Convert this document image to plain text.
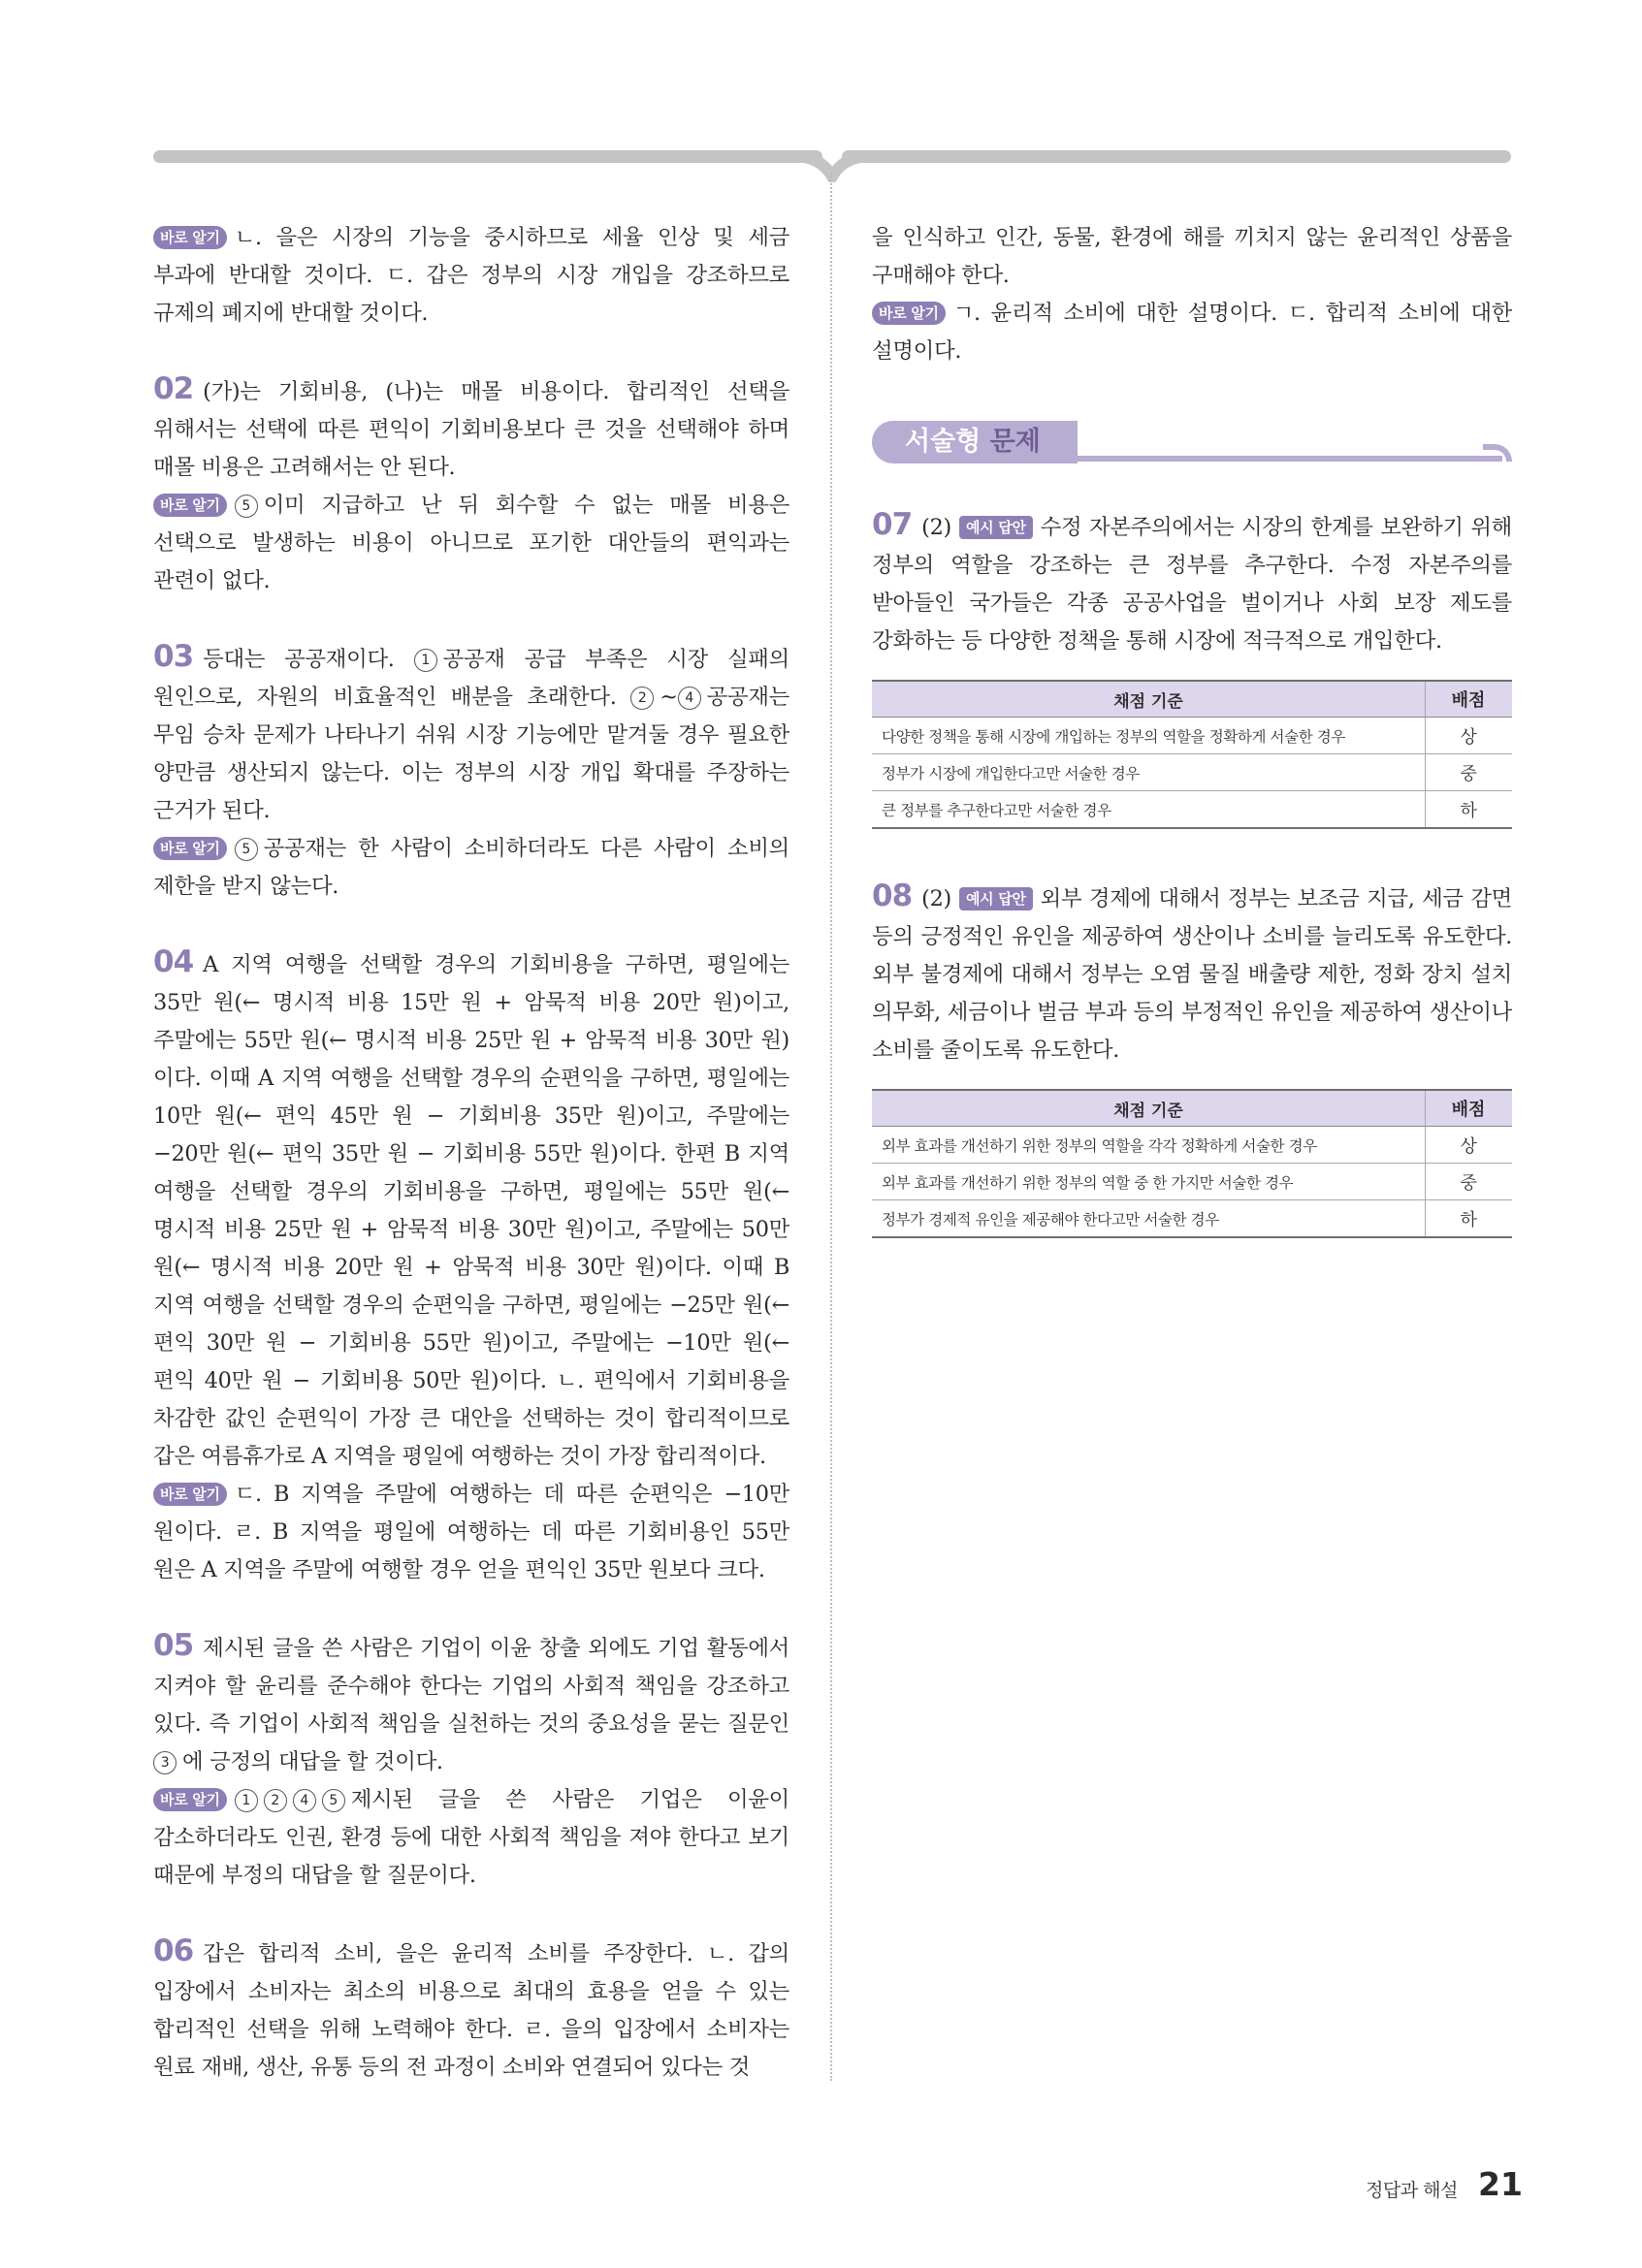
바로 알기 ㄴ. 을은 시장의 기능을 중시하므로 세율 인상 및 세금 부과에 반대할 것이다. ㄷ. 갑은 정부의 시장 개입을 강조하므로 규제의 폐지에 반대할 것이다.

02 (가)는 기회비용, (나)는 매몰 비용이다. 합리적인 선택을 위해서는 선택에 따른 편익이 기회비용보다 큰 것을 선택해야 하며 매몰 비용은 고려해서는 안 된다.

바로 알기 5 이미 지급하고 난 뒤 회수할 수 없는 매몰 비용은 선택으로 발생하는 비용이 아니므로 포기한 대안들의 편익과는 관련이 없다.

03 등대는 공공재이다. 1 공공재 공급 부족은 시장 실패의 원인으로, 자원의 비효율적인 배분을 초래한다. 2 ~ 4 공공재는 무임 승차 문제가 나타나기 쉬워 시장 기능에만 맡겨둘 경우 필요한 양만큼 생산되지 않는다. 이는 정부의 시장 개입 확대를 주장하는 근거가 된다.

바로 알기 5 공공재는 한 사람이 소비하더라도 다른 사람이 소비의 제한을 받지 않는다.

04 A 지역 여행을 선택할 경우의 기회비용을 구하면, 평일에는 35만 원(← 명시적 비용 15만 원 + 암묵적 비용 20만 원)이고, 주말에는 55만 원(← 명시적 비용 25만 원 + 암묵적 비용 30만 원)이다. 이때 A 지역 여행을 선택할 경우의 순편익을 구하면, 평일에는 10만 원(← 편익 45만 원 − 기회비용 35만 원)이고, 주말에는 −20만 원(← 편익 35만 원 − 기회비용 55만 원)이다. 한편 B 지역 여행을 선택할 경우의 기회비용을 구하면, 평일에는 55만 원(← 명시적 비용 25만 원 + 암묵적 비용 30만 원)이고, 주말에는 50만 원(← 명시적 비용 20만 원 + 암묵적 비용 30만 원)이다. 이때 B 지역 여행을 선택할 경우의 순편익을 구하면, 평일에는 −25만 원(← 편익 30만 원 − 기회비용 55만 원)이고, 주말에는 −10만 원(← 편익 40만 원 − 기회비용 50만 원)이다. ㄴ. 편익에서 기회비용을 차감한 값인 순편익이 가장 큰 대안을 선택하는 것이 합리적이므로 갑은 여름휴가로 A 지역을 평일에 여행하는 것이 가장 합리적이다.

바로 알기 ㄷ. B 지역을 주말에 여행하는 데 따른 순편익은 −10만 원이다. ㄹ. B 지역을 평일에 여행하는 데 따른 기회비용인 55만 원은 A 지역을 주말에 여행할 경우 얻을 편익인 35만 원보다 크다.

05 제시된 글을 쓴 사람은 기업이 이윤 창출 외에도 기업 활동에서 지켜야 할 윤리를 준수해야 한다는 기업의 사회적 책임을 강조하고 있다. 즉 기업이 사회적 책임을 실천하는 것의 중요성을 묻는 질문인 3 에 긍정의 대답을 할 것이다.

바로 알기 1 2 4 5 제시된 글을 쓴 사람은 기업은 이윤이 감소하더라도 인권, 환경 등에 대한 사회적 책임을 져야 한다고 보기 때문에 부정의 대답을 할 질문이다.

06 갑은 합리적 소비, 을은 윤리적 소비를 주장한다. ㄴ. 갑의 입장에서 소비자는 최소의 비용으로 최대의 효용을 얻을 수 있는 합리적인 선택을 위해 노력해야 한다. ㄹ. 을의 입장에서 소비자는 원료 재배, 생산, 유통 등의 전 과정이 소비와 연결되어 있다는 것

을 인식하고 인간, 동물, 환경에 해를 끼치지 않는 윤리적인 상품을 구매해야 한다.

바로 알기 ㄱ. 윤리적 소비에 대한 설명이다. ㄷ. 합리적 소비에 대한 설명이다.

서술형 문제

07 (2) 예시 답안 수정 자본주의에서는 시장의 한계를 보완하기 위해 정부의 역할을 강조하는 큰 정부를 추구한다. 수정 자본주의를 받아들인 국가들은 각종 공공사업을 벌이거나 사회 보장 제도를 강화하는 등 다양한 정책을 통해 시장에 적극적으로 개입한다.

채점 기준	배점
다양한 정책을 통해 시장에 개입하는 정부의 역할을 정확하게 서술한 경우	상
정부가 시장에 개입한다고만 서술한 경우	중
큰 정부를 추구한다고만 서술한 경우	하

08 (2) 예시 답안 외부 경제에 대해서 정부는 보조금 지급, 세금 감면 등의 긍정적인 유인을 제공하여 생산이나 소비를 늘리도록 유도한다. 외부 불경제에 대해서 정부는 오염 물질 배출량 제한, 정화 장치 설치 의무화, 세금이나 벌금 부과 등의 부정적인 유인을 제공하여 생산이나 소비를 줄이도록 유도한다.

채점 기준	배점
외부 효과를 개선하기 위한 정부의 역할을 각각 정확하게 서술한 경우	상
외부 효과를 개선하기 위한 정부의 역할 중 한 가지만 서술한 경우	중
정부가 경제적 유인을 제공해야 한다고만 서술한 경우	하
정답과 해설 21
